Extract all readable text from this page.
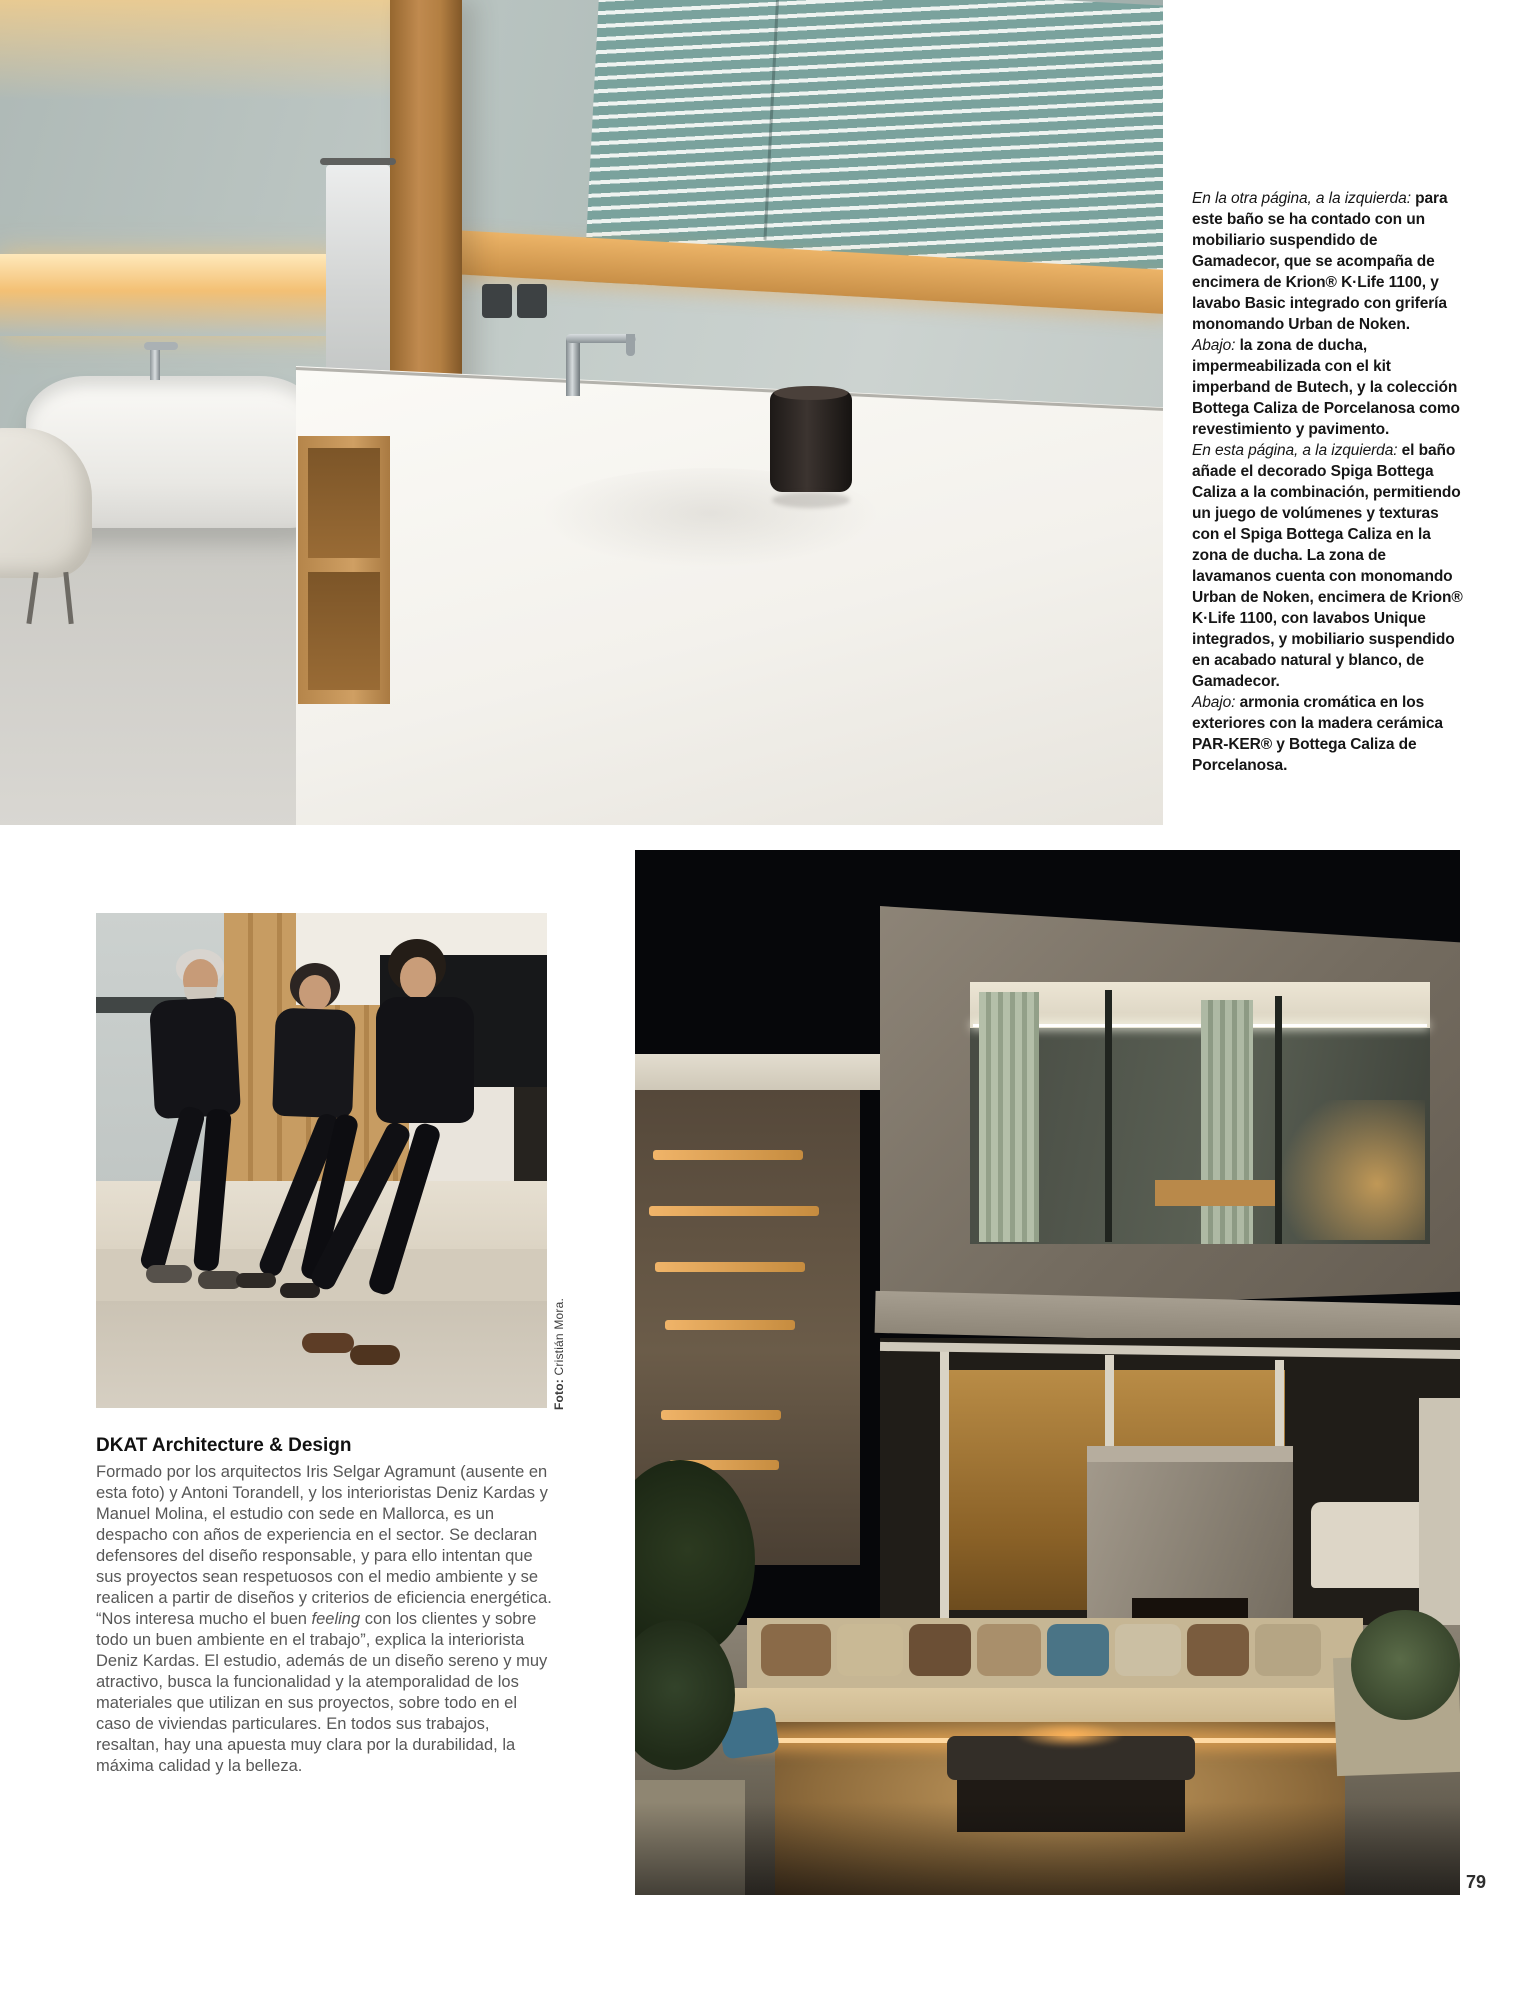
En la otra página, a la izquierda: para este baño se ha contado con un mobiliario suspendido de Gamadecor, que se acompaña de encimera de Krion® K·Life 1100, y lavabo Basic integrado con grifería monomando Urban de Noken.

Abajo: la zona de ducha, impermeabilizada con el kit imperband de Butech, y la colección Bottega Caliza de Porcelanosa como revestimiento y pavimento.

En esta página, a la izquierda: el baño añade el decorado Spiga Bottega Caliza a la combinación, permitiendo un juego de volúmenes y texturas con el Spiga Bottega Caliza en la zona de ducha. La zona de lavamanos cuenta con monomando Urban de Noken, encimera de Krion® K·Life 1100, con lavabos Unique integrados, y mobiliario suspendido en acabado natural y blanco, de Gamadecor.

Abajo: armonia cromática en los exteriores con la madera cerámica PAR-KER® y Bottega Caliza de Porcelanosa.

Foto: Cristián Mora.
DKAT Architecture & Design

Formado por los arquitectos Iris Selgar Agramunt (ausente en esta foto) y Antoni Torandell, y los interioristas Deniz Kardas y Manuel Molina, el estudio con sede en Mallorca, es un despacho con años de experiencia en el sector. Se declaran defensores del diseño responsable, y para ello intentan que sus proyectos sean respetuosos con el medio ambiente y se realicen a partir de diseños y criterios de eficiencia energética. “Nos interesa mucho el buen feeling con los clientes y sobre todo un buen ambiente en el trabajo”, explica la interiorista Deniz Kardas. El estudio, además de un diseño sereno y muy atractivo, busca la funcionalidad y la atemporalidad de los materiales que utilizan en sus proyectos, sobre todo en el caso de viviendas particulares. En todos sus trabajos, resaltan, hay una apuesta muy clara por la durabilidad, la máxima calidad y la belleza.

79
